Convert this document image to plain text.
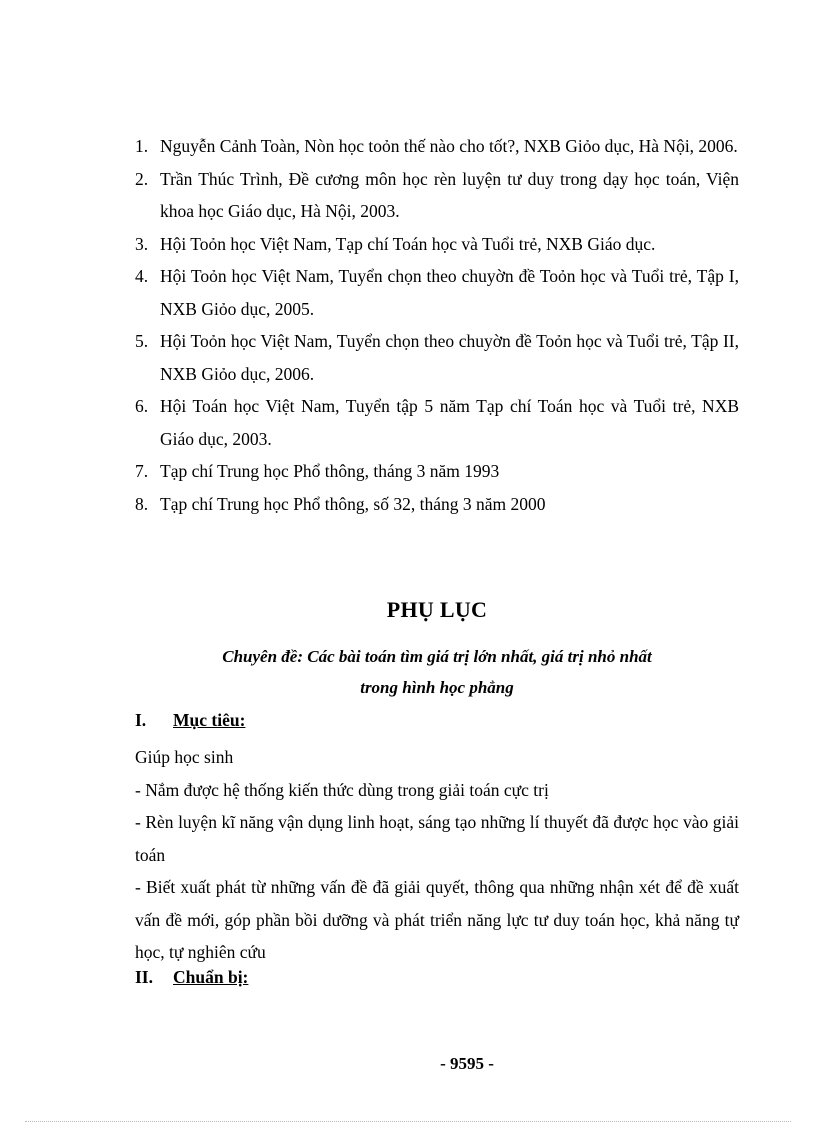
1. Nguyễn Cảnh Toàn, Nòn học toỏn thế nào cho tốt?, NXB Giỏo dục, Hà Nội, 2006.
2. Trần Thúc Trình, Đề cương môn học rèn luyện tư duy trong dạy học toán, Viện khoa học Giáo dục, Hà Nội, 2003.
3. Hội Toỏn học Việt Nam, Tạp chí Toán học và Tuổi trẻ, NXB Giáo dục.
4. Hội Toỏn học Việt Nam, Tuyển chọn theo chuyờn đề Toỏn học và Tuổi trẻ, Tập I, NXB Giỏo dục, 2005.
5. Hội Toỏn học Việt Nam, Tuyển chọn theo chuyờn đề Toỏn học và Tuổi trẻ, Tập II, NXB Giỏo dục, 2006.
6. Hội Toán học Việt Nam, Tuyển tập 5 năm Tạp chí Toán học và Tuổi trẻ, NXB Giáo dục, 2003.
7. Tạp chí Trung học Phổ thông, tháng 3 năm 1993
8. Tạp chí Trung học Phổ thông, số 32, tháng 3 năm 2000
PHỤ LỤC
Chuyên đề: Các bài toán tìm giá trị lớn nhất, giá trị nhỏ nhất
trong hình học phẳng
I. Mục tiêu:

Giúp học sinh

- Nắm được hệ thống kiến thức dùng trong giải toán cực trị

- Rèn luyện kĩ năng vận dụng linh hoạt, sáng tạo những lí thuyết đã được học vào giải toán

- Biết xuất phát từ những vấn đề đã giải quyết, thông qua những nhận xét để đề xuất vấn đề mới, góp phần bồi dưỡng và phát triển năng lực tư duy toán học, khả năng tự học, tự nghiên cứu

II. Chuẩn bị:
- 9595 -
